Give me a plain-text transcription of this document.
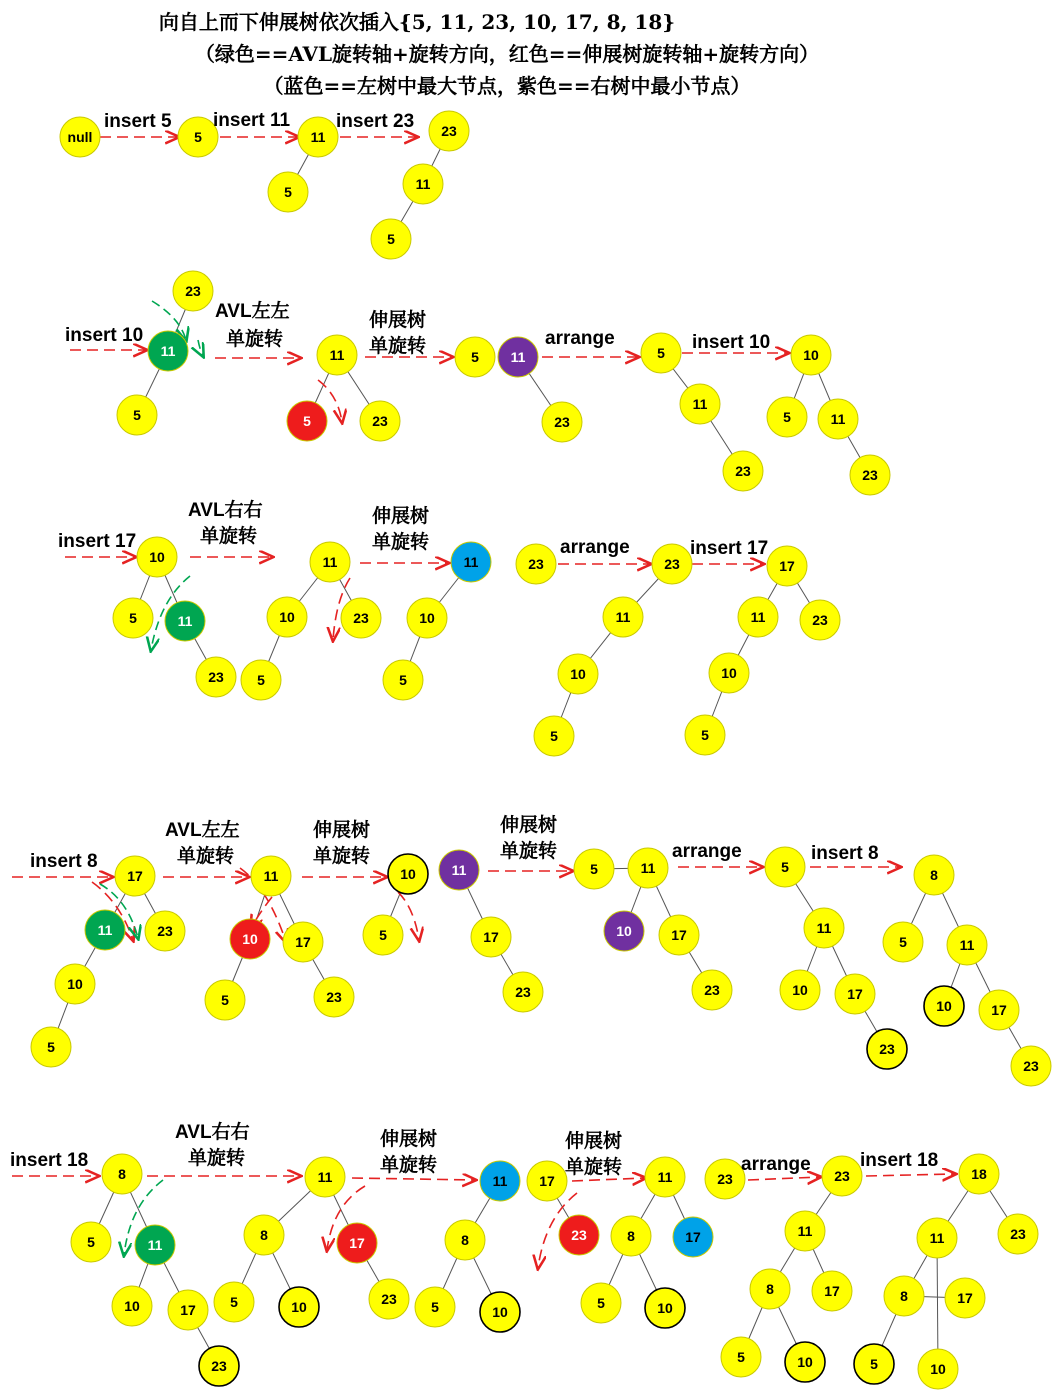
向自上而下伸展树依次插入{5, 11, 23, 10, 17, 8, 18}
（绿色==AVL旋转轴+旋转方向，红色==伸展树旋转轴+旋转方向）
（蓝色==左树中最大节点，紫色==右树中最小节点）
null	5	11
5
23
11
5
23
11
5
11
5	23
5 11
23
5
11
23
10
5	11
23
10
5	11
23
11
10	23
5
11
10
5
23	23
11
10
5
17
11	23
10
5
17
11	23
10
5
11
10	17
5	23
10
5
11
17
23
5	11
10	17
23
5
11
10	17
23
8
5	11
10	17
23
8
5	11
10	17
23
11
8	17
5	10	23
11
8
5	10
17
23
11
8	17
5	10
23	23
11
8	17
5	10
18
11	23
8	17
5	10
insert 5 insert 11 insert 23
insert 10
AVL左左
单旋转
伸展树
单旋转	arrange	insert 10
insert 17
AVL右右
单旋转
伸展树
单旋转	arrange	insert 17
insert 8
AVL左左
单旋转
伸展树
单旋转
伸展树
单旋转	arrange	insert 8
insert 18
AVL右右
单旋转
伸展树
单旋转
伸展树
单旋转	arrange	insert 18
